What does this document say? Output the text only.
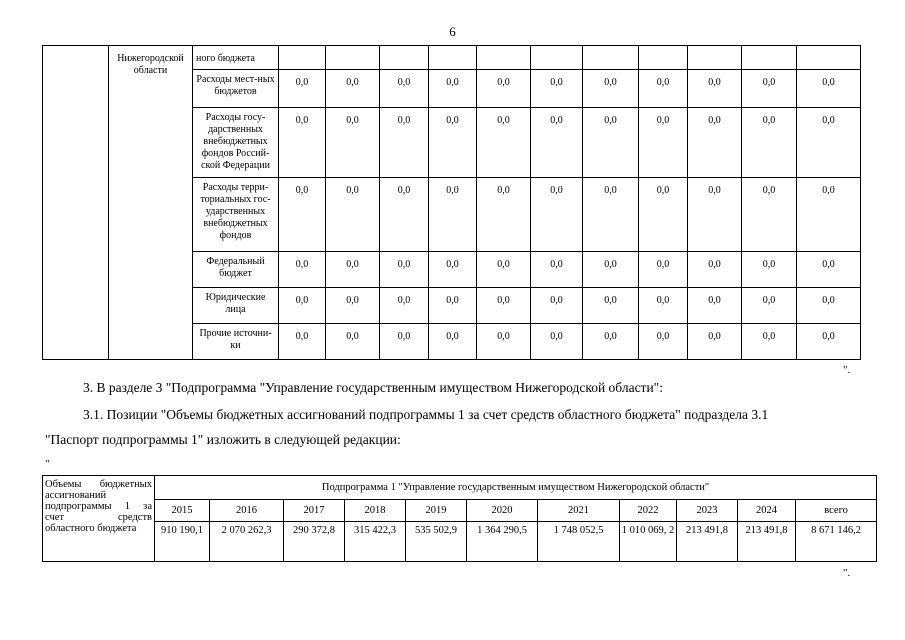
6
	Нижегородской области	ного бюджета											
		Расходы мест-ных бюджетов	0,0	0,0	0,0	0,0	0,0	0,0	0,0	0,0	0,0	0,0	0,0
		Расходы госу-дарственных внебюджетных фондов Россий-ской Федерации	0,0	0,0	0,0	0,0	0,0	0,0	0,0	0,0	0,0	0,0	0,0
		Расходы терри-ториальных гос-ударственных внебюджетных фондов	0,0	0,0	0,0	0,0	0,0	0,0	0,0	0,0	0,0	0,0	0,0
		Федеральный бюджет	0,0	0,0	0,0	0,0	0,0	0,0	0,0	0,0	0,0	0,0	0,0
		Юридические лица	0,0	0,0	0,0	0,0	0,0	0,0	0,0	0,0	0,0	0,0	0,0
		Прочие источни-ки	0,0	0,0	0,0	0,0	0,0	0,0	0,0	0,0	0,0	0,0	0,0
".
3. В разделе 3 "Подпрограмма "Управление государственным имуществом Нижегородской области":
3.1. Позиции "Объемы бюджетных ассигнований подпрограммы 1 за счет средств областного бюджета" подраздела 3.1
"Паспорт подпрограммы 1" изложить в следующей редакции:
"
Объемы бюджетных ассигнований подпрограммы 1 за счет средств областного бюджета	Подпрограмма 1 "Управление государственным имуществом Нижегородской области"										
	2015	2016	2017	2018	2019	2020	2021	2022	2023	2024	всего
	910 190,1	2 070 262,3	290 372,8	315 422,3	535 502,9	1 364 290,5	1 748 052,5	1 010 069, 2	213 491,8	213 491,8	8 671 146,2
".
